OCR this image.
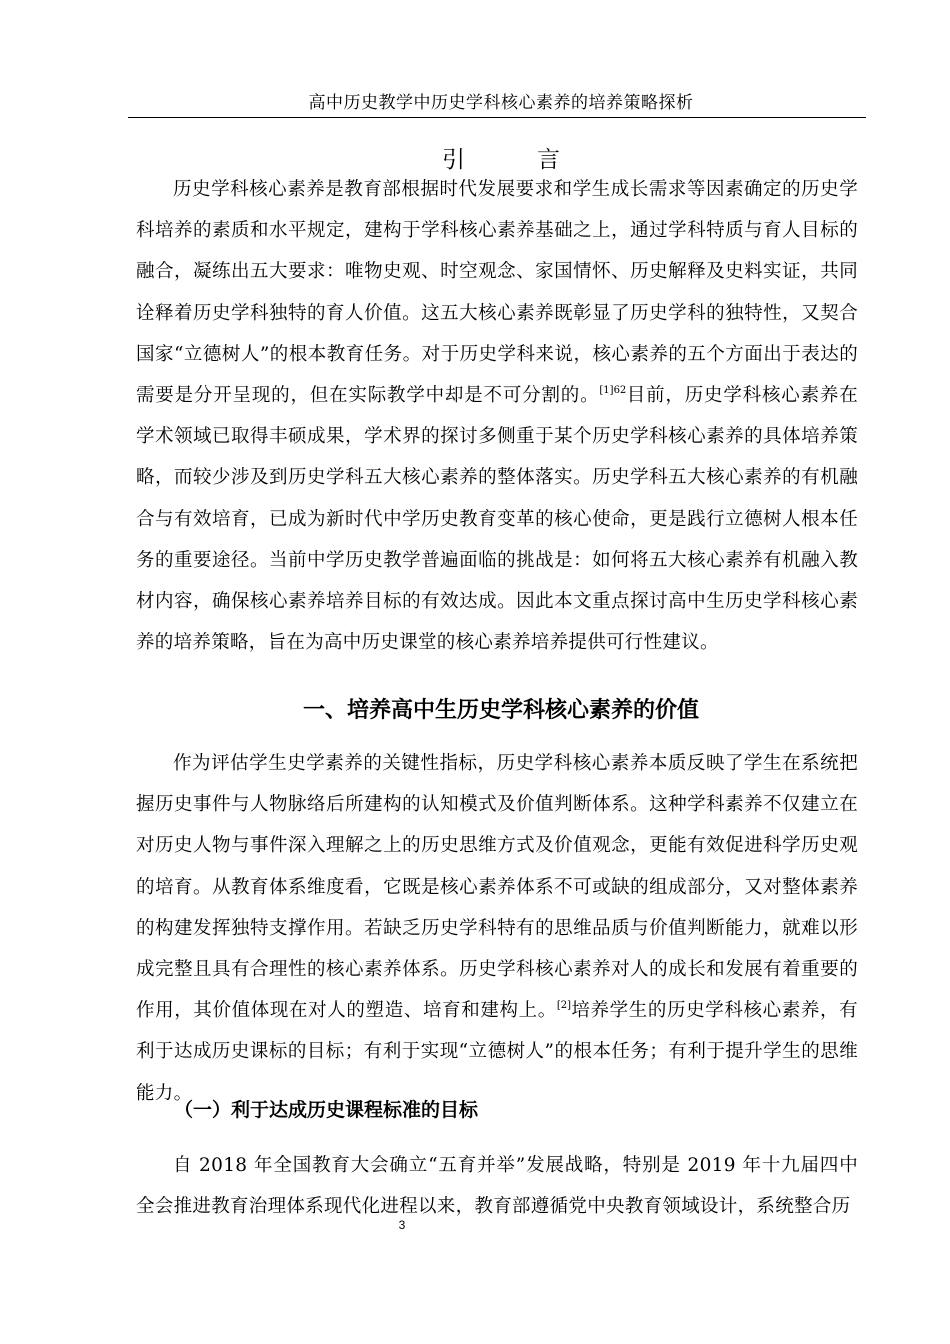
高中历史教学中历史学科核心素养的培养策略探析
引	言

历史学科核心素养是教育部根据时代发展要求和学生成长需求等因素确定的历史学科培养的素质和水平规定，建构于学科核心素养基础之上，通过学科特质与育人目标的融合，凝练出五大要求：唯物史观、时空观念、家国情怀、历史解释及史料实证，共同诠释着历史学科独特的育人价值。这五大核心素养既彰显了历史学科的独特性，又契合国家“立德树人”的根本教育任务。对于历史学科来说，核心素养的五个方面出于表达的需要是分开呈现的，但在实际教学中却是不可分割的。$^{[1]62}$目前，历史学科核心素养在学术领域已取得丰硕成果，学术界的探讨多侧重于某个历史学科核心素养的具体培养策略，而较少涉及到历史学科五大核心素养的整体落实。历史学科五大核心素养的有机融合与有效培育，已成为新时代中学历史教育变革的核心使命，更是践行立德树人根本任务的重要途径。当前中学历史教学普遍面临的挑战是：如何将五大核心素养有机融入教材内容，确保核心素养培养目标的有效达成。因此本文重点探讨高中生历史学科核心素养的培养策略，旨在为高中历史课堂的核心素养培养提供可行性建议。

一、培养高中生历史学科核心素养的价值

作为评估学生史学素养的关键性指标，历史学科核心素养本质反映了学生在系统把握历史事件与人物脉络后所建构的认知模式及价值判断体系。这种学科素养不仅建立在对历史人物与事件深入理解之上的历史思维方式及价值观念，更能有效促进科学历史观的培育。从教育体系维度看，它既是核心素养体系不可或缺的组成部分，又对整体素养的构建发挥独特支撑作用。若缺乏历史学科特有的思维品质与价值判断能力，就难以形成完整且具有合理性的核心素养体系。历史学科核心素养对人的成长和发展有着重要的作用，其价值体现在对人的塑造、培育和建构上。[2]培养学生的历史学科核心素养，有利于达成历史课标的目标；有利于实现“立德树人”的根本任务；有利于提升学生的思维能力。

（一）利于达成历史课程标准的目标

自 2018 年全国教育大会确立“五育并举”发展战略，特别是 2019 年十九届四中全会推进教育治理体系现代化进程以来，教育部遵循党中央教育领域设计，系统整合历

3
